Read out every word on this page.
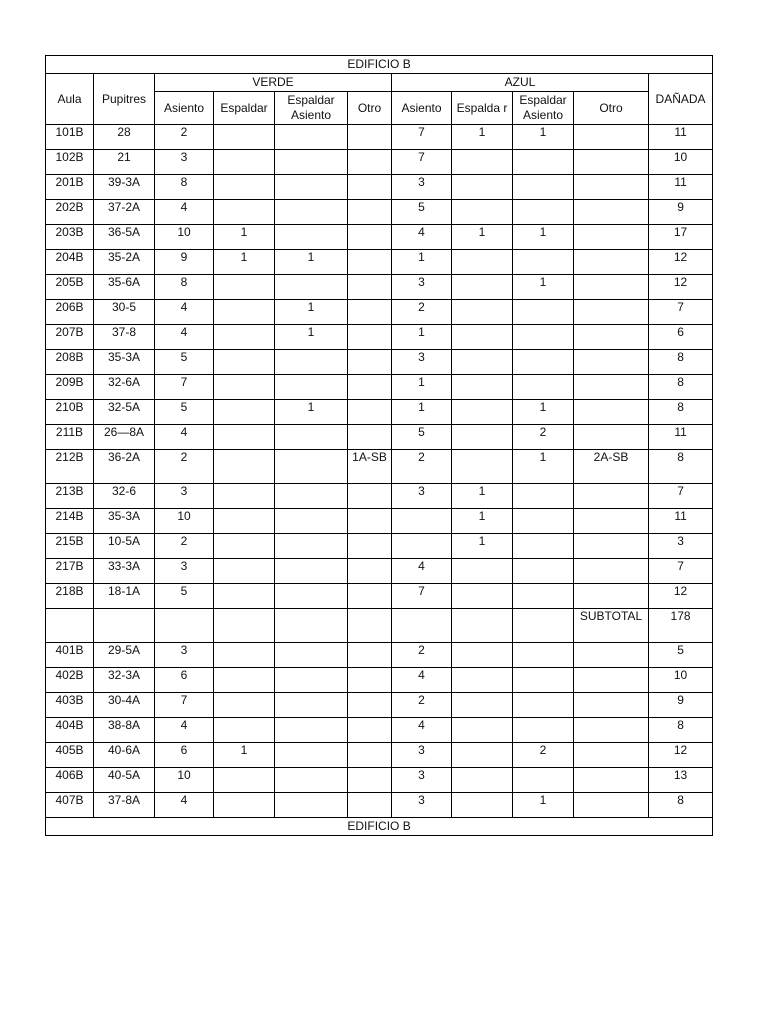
EDIFICIO B										
Aula	Pupitres	VERDE				AZUL				DAÑADA
		Asiento	Espaldar	Espaldar Asiento	Otro	Asiento	Espalda r	Espaldar Asiento	Otro	
101B	28	2				7	1	1		11
102B	21	3				7				10
201B	39-3A	8				3				11
202B	37-2A	4				5				9
203B	36-5A	10	1			4	1	1		17
204B	35-2A	9	1	1		1				12
205B	35-6A	8				3		1		12
206B	30-5	4		1		2				7
207B	37-8	4		1		1				6
208B	35-3A	5				3				8
209B	32-6A	7				1				8
210B	32-5A	5		1		1		1		8
211B	26—8A	4				5		2		11
212B	36-2A	2			1A-SB	2		1	2A-SB	8
213B	32-6	3				3	1			7
214B	35-3A	10					1			11
215B	10-5A	2					1			3
217B	33-3A	3				4				7
218B	18-1A	5				7				12
									SUBTOTAL	178
401B	29-5A	3				2				5
402B	32-3A	6				4				10
403B	30-4A	7				2				9
404B	38-8A	4				4				8
405B	40-6A	6	1			3		2		12
406B	40-5A	10				3				13
407B	37-8A	4				3		1		8
EDIFICIO B										
